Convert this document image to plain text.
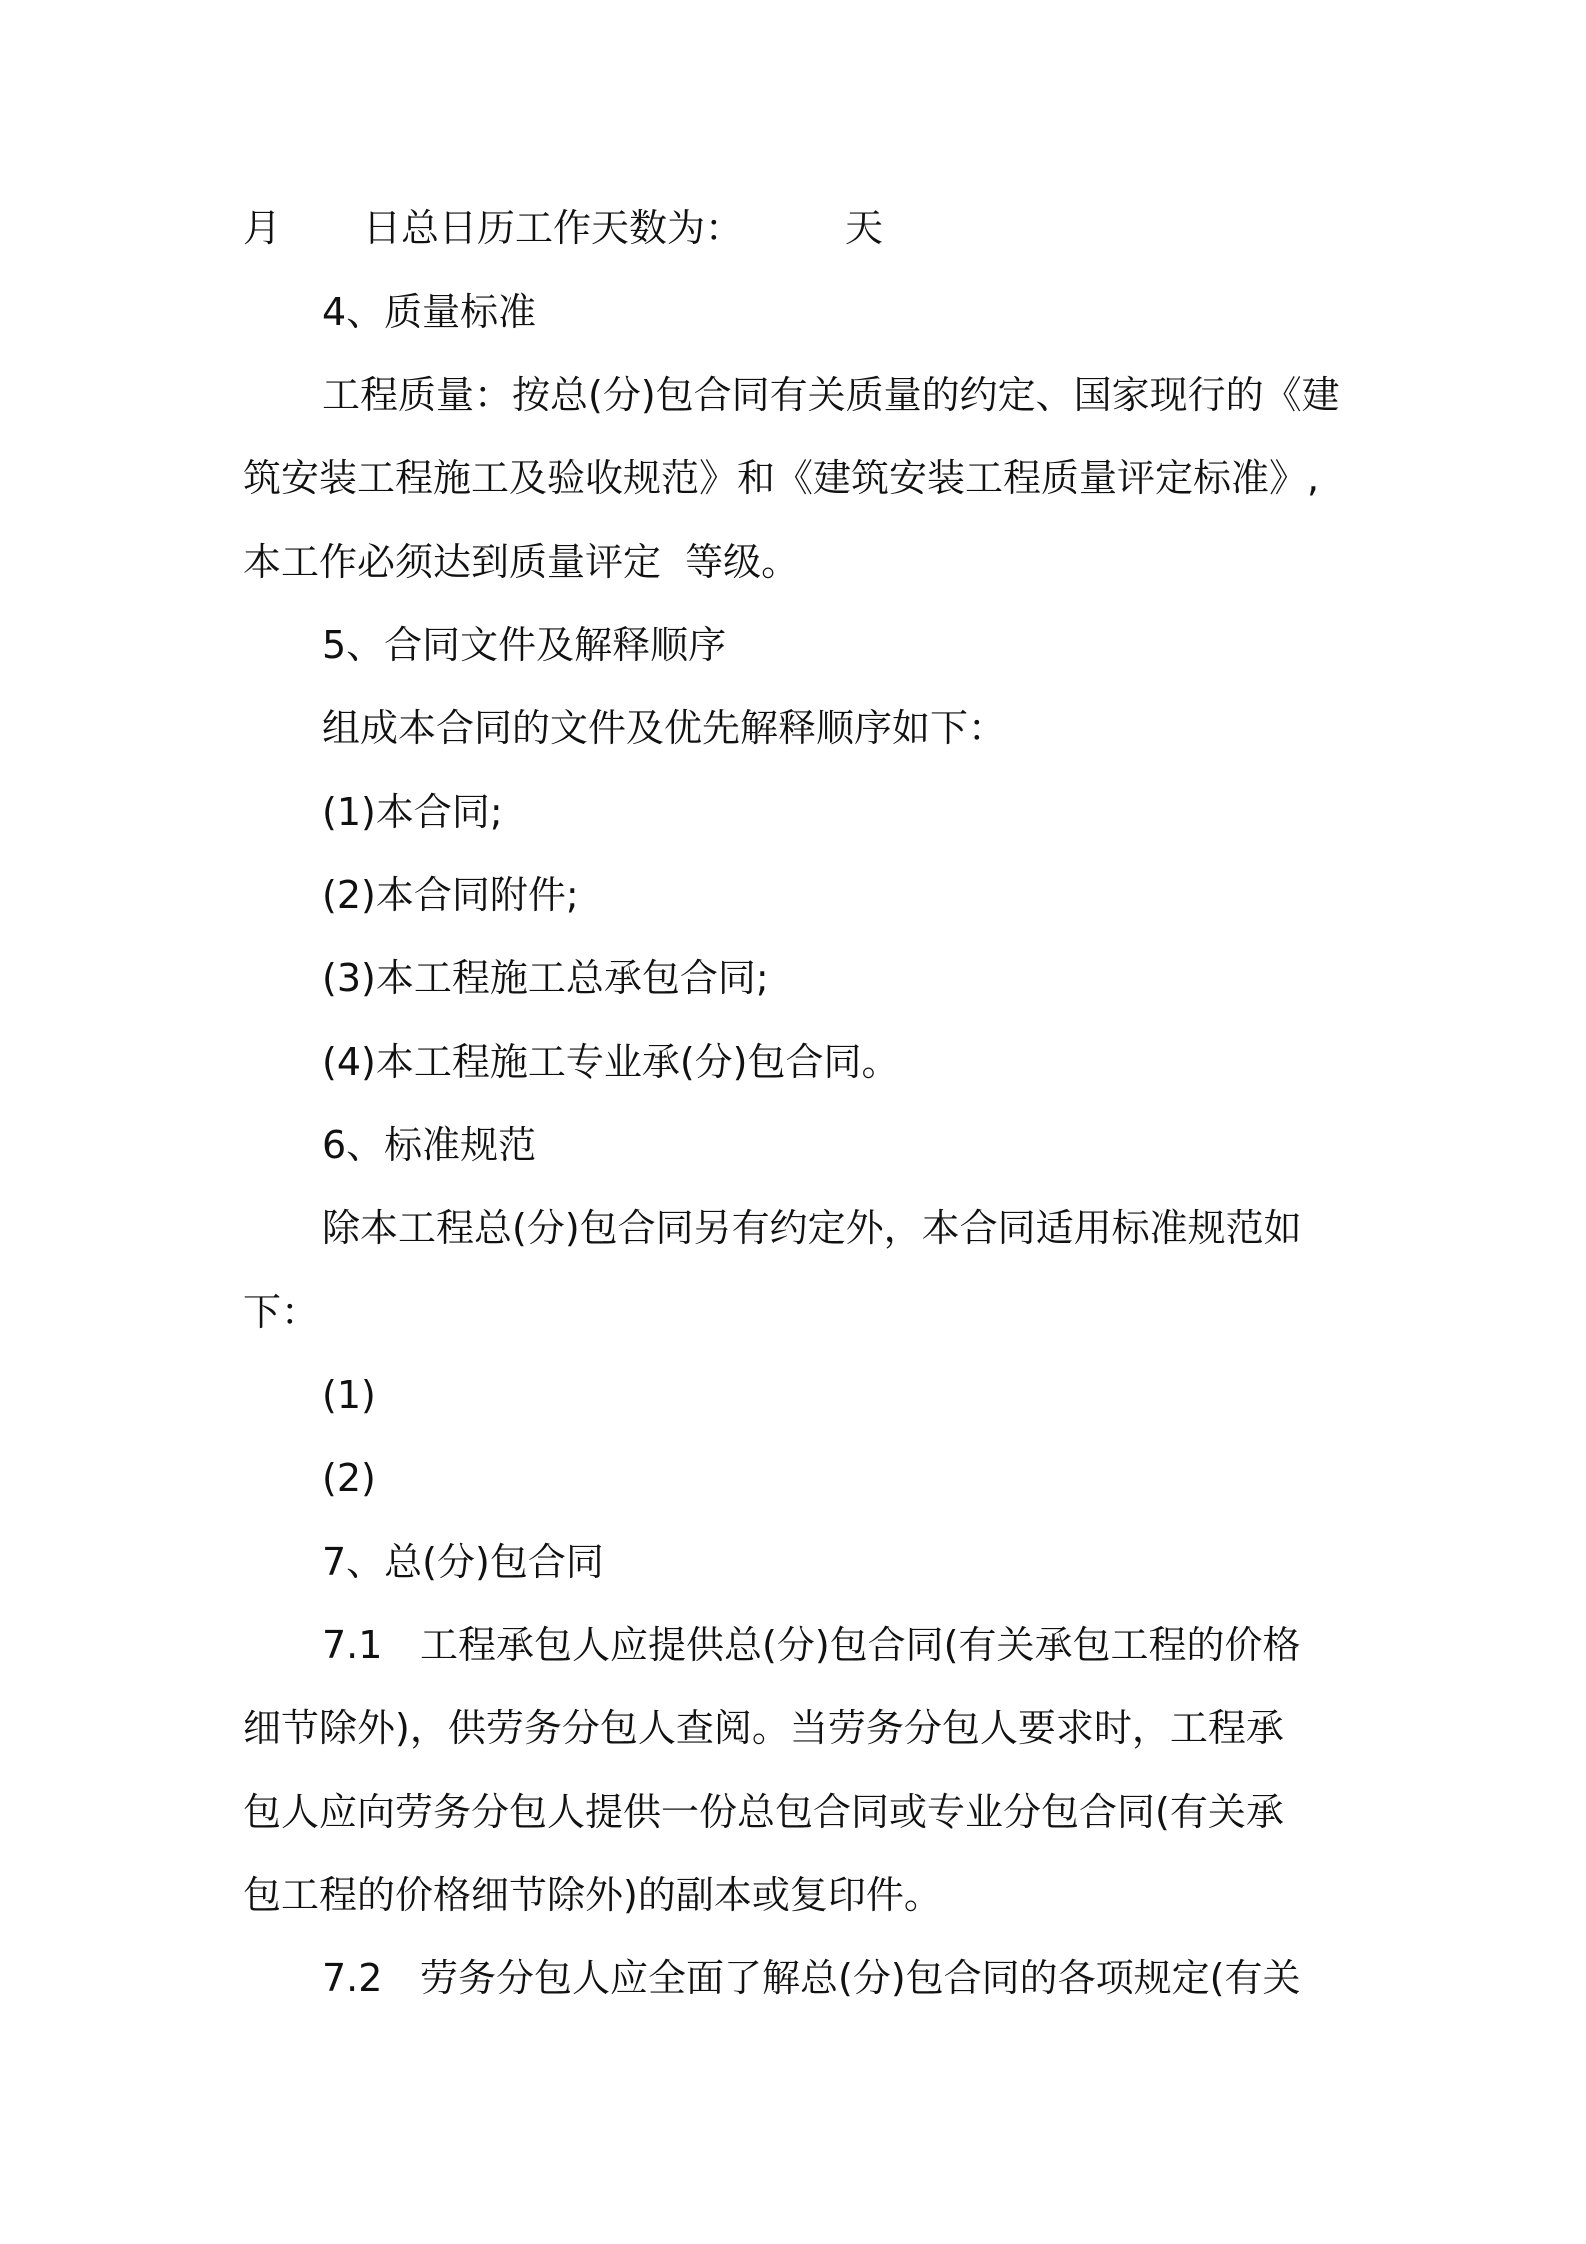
月

日总日历工作天数为：

	天

4、质量标准

工程质量：按总(分)包合同有关质量的约定、国家现行的《建

筑安装工程施工及验收规范》和《建筑安装工程质量评定标准》,

本工作必须达到质量评定  等级。

5、合同文件及解释顺序

组成本合同的文件及优先解释顺序如下：

(1)本合同;

(2)本合同附件;

(3)本工程施工总承包合同;

(4)本工程施工专业承(分)包合同。

6、标准规范

除本工程总(分)包合同另有约定外，本合同适用标准规范如

下：

(1)

(2)

7、总(分)包合同

7.1

工程承包人应提供总(分)包合同(有关承包工程的价格

细节除外)，供劳务分包人查阅。当劳务分包人要求时，工程承

包人应向劳务分包人提供一份总包合同或专业分包合同(有关承

包工程的价格细节除外)的副本或复印件。

7.2

劳务分包人应全面了解总(分)包合同的各项规定(有关
